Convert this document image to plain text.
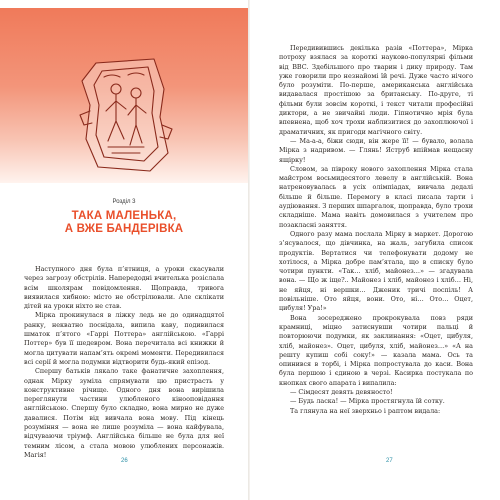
Розділ 3
ТАКА МАЛЕНЬКА,
А ВЖЕ БАНДЕРІВКА

Наступного дня була п’ятниця, а уроки скасували через загрозу обстрілів. Напередодні вчителька розіслала всім школярам повідомлення. Щоправда, тривога виявилася хибною: місто не обстрілювали. Але склікати дітей на уроки ніхто не став.

Мірка прокинулася в ліжку ледь не до одинадцятої ранку, некватно поснідала, випила каву, подивилася шматок п’ятого «Гаррі Поттера» англійською. «Гаррі Поттер» був її шедевром. Вона перечитала всі книжки й могла цитувати напам’ять окремі моменти. Передивилася всі серії й могла подумки відтворити будь-який епізод.

Спершу батьків лякало таке фанатичне захоплення, однак Мірку зуміла спрямувати цю пристрасть у конструктивне річище. Одного дня вона вирішила переглянути частини улюбленого кінооповідання англійською. Спершу було складно, вона мирно не дуже давалися. Потім від вивчала вона мову. Під кінець розуміння — вона не лише розуміла — вона кайфувала, відчуваючи тріумф. Англійська більше не була для неї темним лісом, а стала мовою улюблених персонажів. Магія!

26	27

Передивившись декілька разів «Поттера», Мірка потроху взялася за короткі науково-популярні фільми від BBC. Здебільшого про тварин і дику природу. Там уже говорили про незнайомі їй речі. Дуже часто нічого було розуміти. По-перше, американська англійська видавалася простішою за британську. По-друге, ті фільми були зовсім короткі, і текст читали професійні диктори, а не звичайні люди. Гіпнотично мрія була впевнена, щоб хоч трохи наблизитися до захоплюючої і драматичних, як пригоди магічного світу.

— Ма-а-а, біжи сюди, він жере її! — бувало, волала Мірка з надривом. — Глянь! Яструб впіймав нещасну ящірку!

Словом, за півроку нового захоплення Мірка стала майстром восьмидесятого левелу в англійській. Вона натреновувалась в усіх олімпіадах, вивчала дедалі більше й більше. Перемогу в класі писала тарти і аудіювання. З перших шпаргалок, щоправда, було трохи складніше. Мама навіть домовилася з учителем про позакласні заняття.

Одного разу мама послала Мірку в маркет. Дорогою з’ясувалося, що дівчинка, на жаль, загубила список продуктів. Вертатися чи телефонувати додому не хотілося, а Мірка добре пам’ятала, що в списку було чотири пункти. «Так… хліб, майонез…» — згадувала вона. — Що ж іще?.. Майонез і хліб, майонез і хліб… Ні, не яйця, ні вершки… Дженик тричі поспіль! А повільніше. Ото яйця, вони. Ото, ні… Ото… Оцет, цибуля! Ура!»

Вона зосереджено прокрокувала повз ряди крамниці, міцно затиснувши чотири пальці й повторюючи подумки, як заклинання: «Оцет, цибуля, хліб, майонез». Оцет, цибуля, хліб, майонез…» «А на решту купиш собі соку!» — казала мама. Ось та опинився в торбі, і Мірка попростувала до каси. Вона була першою і єдиною в черзі. Касирка постукала по кнопках свого апарата і випалила:

— Сімдесят девять девяносто!

— Будь ласка! — Мірка простягнула їй сотку.

Та глянула на неї зверхньо і раптом видала:
